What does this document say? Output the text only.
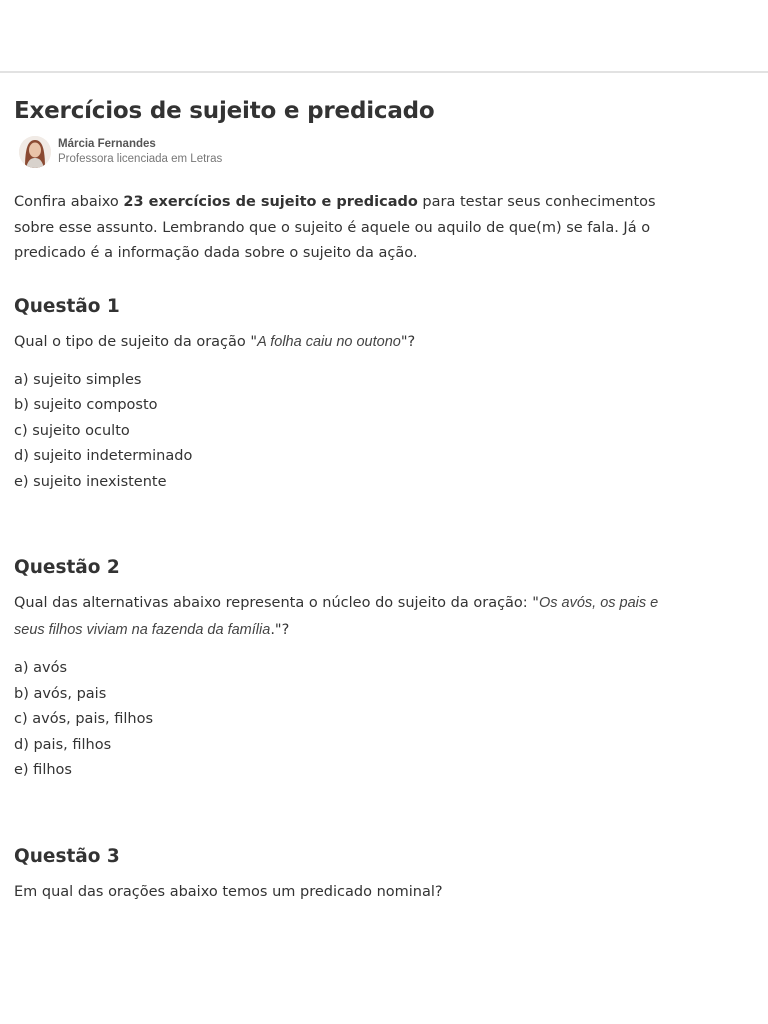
Exercícios de sujeito e predicado
Márcia Fernandes
Professora licenciada em Letras

Confira abaixo 23 exercícios de sujeito e predicado para testar seus conhecimentos sobre esse assunto. Lembrando que o sujeito é aquele ou aquilo de que(m) se fala. Já o predicado é a informação dada sobre o sujeito da ação.

Questão 1

Qual o tipo de sujeito da oração "A folha caiu no outono"?

a) sujeito simples
b) sujeito composto
c) sujeito oculto
d) sujeito indeterminado
e) sujeito inexistente
Questão 2

Qual das alternativas abaixo representa o núcleo do sujeito da oração: "Os avós, os pais e seus filhos viviam na fazenda da família."?

a) avós
b) avós, pais
c) avós, pais, filhos
d) pais, filhos
e) filhos
Questão 3

Em qual das orações abaixo temos um predicado nominal?
